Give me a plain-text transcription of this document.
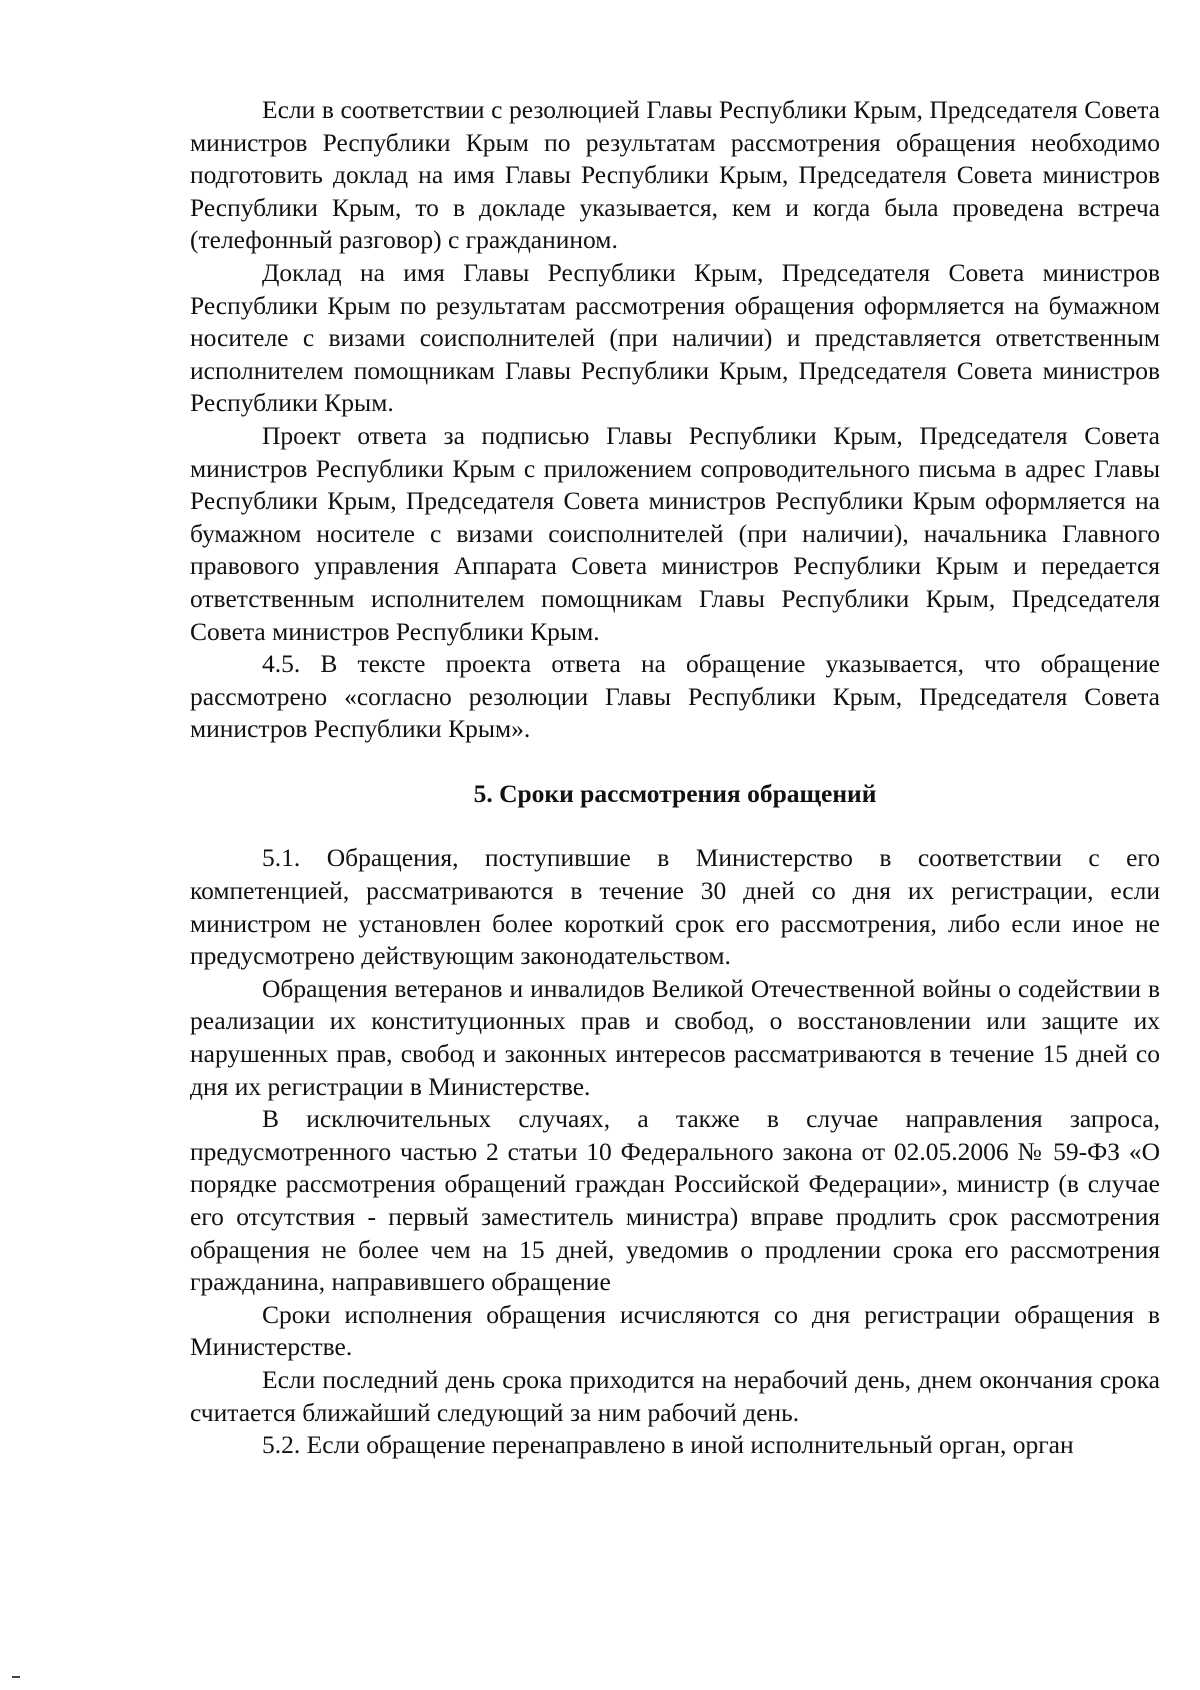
Если в соответствии с резолюцией Главы Республики Крым, Председателя Совета министров Республики Крым по результатам рассмотрения обращения необходимо подготовить доклад на имя Главы Республики Крым, Председателя Совета министров Республики Крым, то в докладе указывается, кем и когда была проведена встреча (телефонный разговор) с гражданином.

Доклад на имя Главы Республики Крым, Председателя Совета министров Республики Крым по результатам рассмотрения обращения оформляется на бумажном носителе с визами соисполнителей (при наличии) и представляется ответственным исполнителем помощникам Главы Республики Крым, Председателя Совета министров Республики Крым.

Проект ответа за подписью Главы Республики Крым, Председателя Совета министров Республики Крым с приложением сопроводительного письма в адрес Главы Республики Крым, Председателя Совета министров Республики Крым оформляется на бумажном носителе с визами соисполнителей (при наличии), начальника Главного правового управления Аппарата Совета министров Республики Крым и передается ответственным исполнителем помощникам Главы Республики Крым, Председателя Совета министров Республики Крым.

4.5. В тексте проекта ответа на обращение указывается, что обращение рассмотрено «согласно резолюции Главы Республики Крым, Председателя Совета министров Республики Крым».

5. Сроки рассмотрения обращений

5.1. Обращения, поступившие в Министерство в соответствии с его компетенцией, рассматриваются в течение 30 дней со дня их регистрации, если министром не установлен более короткий срок его рассмотрения, либо если иное не предусмотрено действующим законодательством.

Обращения ветеранов и инвалидов Великой Отечественной войны о содействии в реализации их конституционных прав и свобод, о восстановлении или защите их нарушенных прав, свобод и законных интересов рассматриваются в течение 15 дней со дня их регистрации в Министерстве.

В исключительных случаях, а также в случае направления запроса, предусмотренного частью 2 статьи 10 Федерального закона от 02.05.2006 № 59-ФЗ «О порядке рассмотрения обращений граждан Российской Федерации», министр (в случае его отсутствия - первый заместитель министра) вправе продлить срок рассмотрения обращения не более чем на 15 дней, уведомив о продлении срока его рассмотрения гражданина, направившего обращение

Сроки исполнения обращения исчисляются со дня регистрации обращения в Министерстве.

Если последний день срока приходится на нерабочий день, днем окончания срока считается ближайший следующий за ним рабочий день.

5.2. Если обращение перенаправлено в иной исполнительный орган, орган
